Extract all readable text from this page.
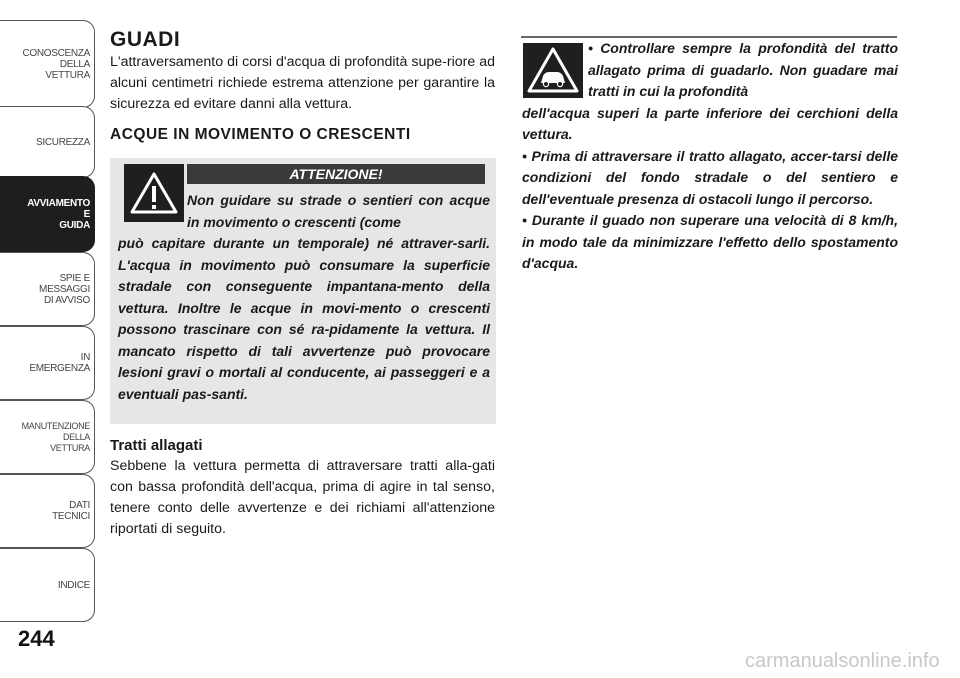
CONOSCENZA
DELLA
VETTURA
SICUREZZA
AVVIAMENTO
E
GUIDA
SPIE E
MESSAGGI
DI AVVISO
IN
EMERGENZA
MANUTENZIONE
DELLA
VETTURA
DATI
TECNICI
INDICE
244
GUADI

L'attraversamento di corsi d'acqua di profondità supe-riore ad alcuni centimetri richiede estrema attenzione per garantire la sicurezza ed evitare danni alla vettura.

ACQUE IN MOVIMENTO O CRESCENTI
ATTENZIONE!
Non guidare su strade o sentieri con acque in movimento o crescenti (come
può capitare durante un temporale) né attraver-sarli. L'acqua in movimento può consumare la superficie stradale con conseguente impantana-mento della vettura. Inoltre le acque in movi-mento o crescenti possono trascinare con sé ra-pidamente la vettura. Il mancato rispetto di tali avvertenze può provocare lesioni gravi o mortali al conducente, ai passeggeri e a eventuali pas-santi.
Tratti allagati

Sebbene la vettura permetta di attraversare tratti alla-gati con bassa profondità dell'acqua, prima di agire in tal senso, tenere conto delle avvertenze e dei richiami all'attenzione riportati di seguito.

• Controllare sempre la profondità del tratto allagato prima di guadarlo. Non guadare mai tratti in cui la profondità

dell'acqua superi la parte inferiore dei cerchioni della vettura.

• Prima di attraversare il tratto allagato, accer-tarsi delle condizioni del fondo stradale o del sentiero e dell'eventuale presenza di ostacoli lungo il percorso.

• Durante il guado non superare una velocità di 8 km/h, in modo tale da minimizzare l'effetto dello spostamento d'acqua.

carmanualsonline.info
